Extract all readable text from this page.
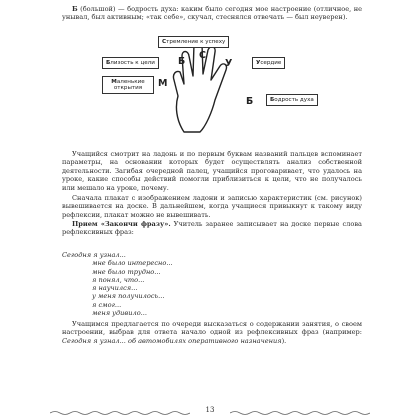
Б (большой) — бодрость духа: каким было сегодня мое настроение (отличное, не унывал, был активным; «так себе», скучал, стеснялся отвечать — был неуверен).

Стремление к успеху
Близость к цели	Усердие
Маленькие открытия
Бодрость духа
Б
С
У
М
Б

Учащийся смотрит на ладонь и по первым буквам названий пальцев вспоминает параметры, на основании которых будет осуществлять анализ собственной деятельности. Загибая очередной палец, учащийся проговаривает, что удалось на уроке, какие способы действий помогли приблизиться к цели, что не получалось или мешало на уроке, почему.

Сначала плакат с изображением ладони и записью характеристик (см. рисунок) вывешивается на доске. В дальнейшем, когда учащиеся привыкнут к такому виду рефлексии, плакат можно не вывешивать.

Прием «Закончи фразу». Учитель заранее записывает на доске первые слова рефлексивных фраз:

Сегодня я узнал...
мне было интересно...
мне было трудно...
я понял, что...
я научился...
у меня получилось...
я смог...
меня удивило...

Учащимся предлагается по очереди высказаться о содержании занятия, о своем настроении, выбрав для ответа начало одной из рефлексивных фраз (например: Сегодня я узнал... об автомобилях оперативного назначения).

13
